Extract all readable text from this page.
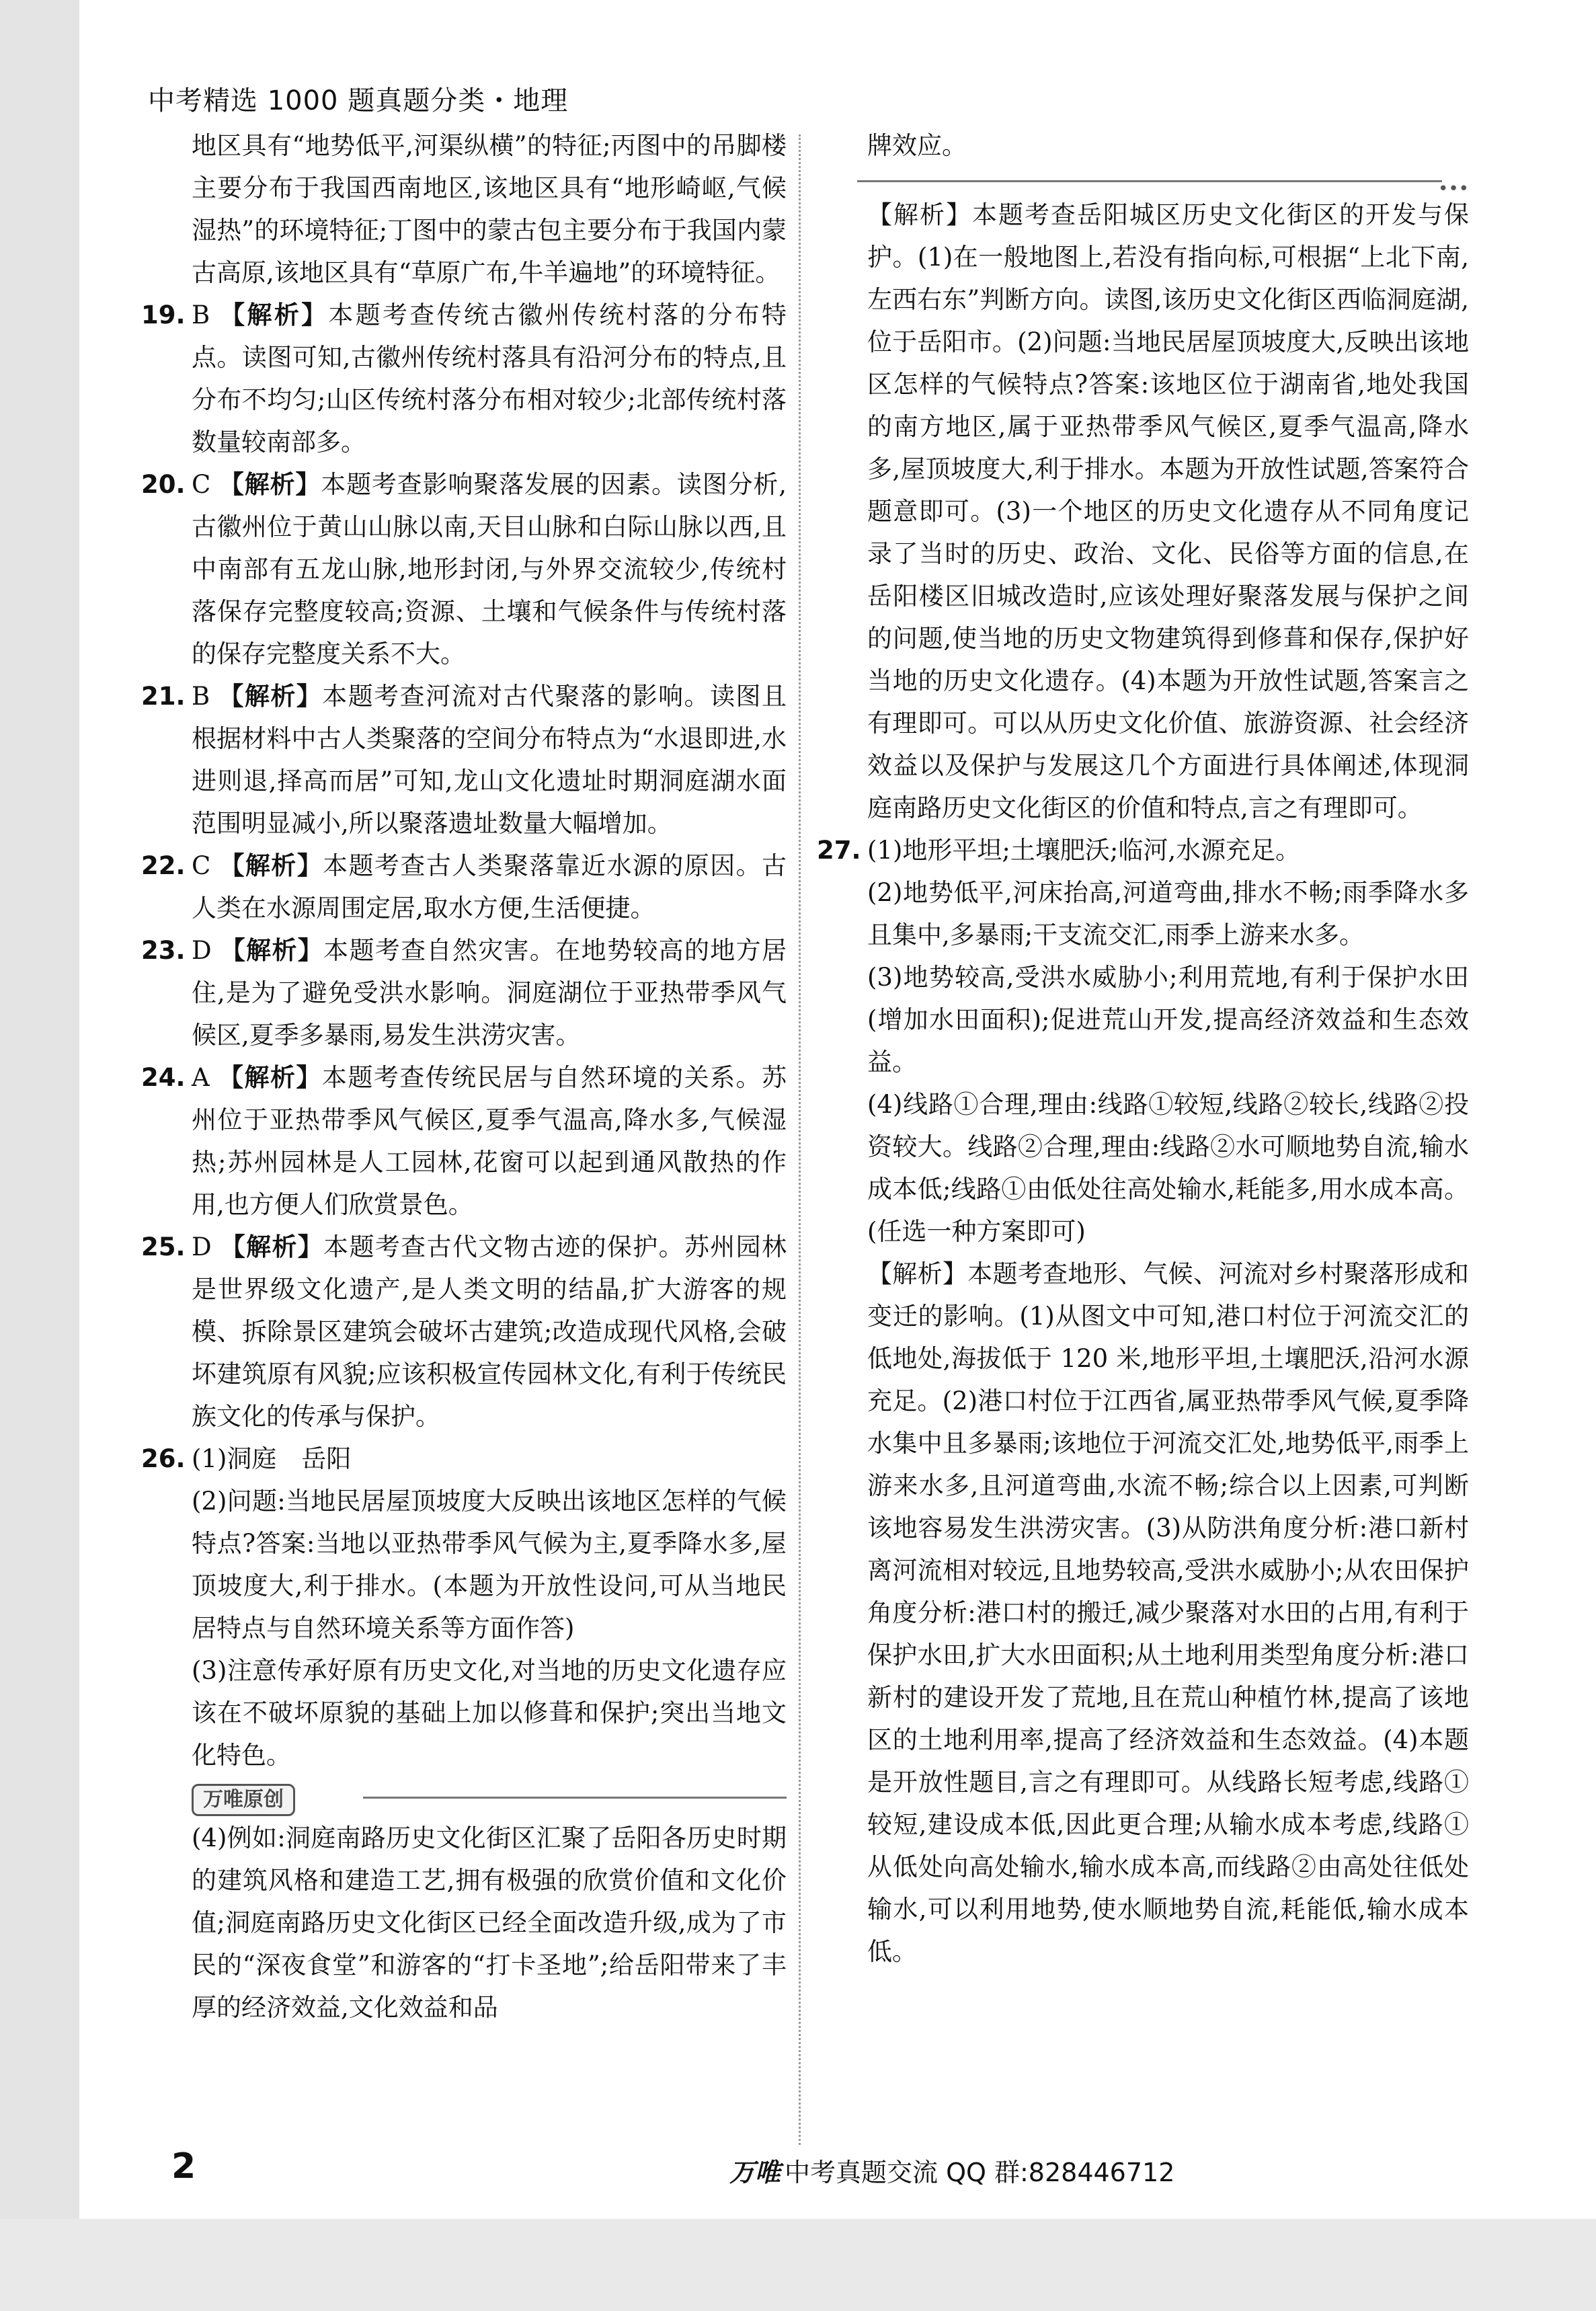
中考精选 1000 题真题分类・地理

地区具有“地势低平,河渠纵横”的特征;丙图中的吊脚楼主要分布于我国西南地区,该地区具有“地形崎岖,气候湿热”的环境特征;丁图中的蒙古包主要分布于我国内蒙古高原,该地区具有“草原广布,牛羊遍地”的环境特征。

19. B 【解析】本题考查传统古徽州传统村落的分布特点。读图可知,古徽州传统村落具有沿河分布的特点,且分布不均匀;山区传统村落分布相对较少;北部传统村落数量较南部多。

20. C 【解析】本题考查影响聚落发展的因素。读图分析,古徽州位于黄山山脉以南,天目山脉和白际山脉以西,且中南部有五龙山脉,地形封闭,与外界交流较少,传统村落保存完整度较高;资源、土壤和气候条件与传统村落的保存完整度关系不大。

21. B 【解析】本题考查河流对古代聚落的影响。读图且根据材料中古人类聚落的空间分布特点为“水退即进,水进则退,择高而居”可知,龙山文化遗址时期洞庭湖水面范围明显减小,所以聚落遗址数量大幅增加。

22. C 【解析】本题考查古人类聚落靠近水源的原因。古人类在水源周围定居,取水方便,生活便捷。

23. D 【解析】本题考查自然灾害。在地势较高的地方居住,是为了避免受洪水影响。洞庭湖位于亚热带季风气候区,夏季多暴雨,易发生洪涝灾害。

24. A 【解析】本题考查传统民居与自然环境的关系。苏州位于亚热带季风气候区,夏季气温高,降水多,气候湿热;苏州园林是人工园林,花窗可以起到通风散热的作用,也方便人们欣赏景色。

25. D 【解析】本题考查古代文物古迹的保护。苏州园林是世界级文化遗产,是人类文明的结晶,扩大游客的规模、拆除景区建筑会破坏古建筑;改造成现代风格,会破坏建筑原有风貌;应该积极宣传园林文化,有利于传统民族文化的传承与保护。

26. (1)洞庭　岳阳

(2)问题:当地民居屋顶坡度大反映出该地区怎样的气候特点?答案:当地以亚热带季风气候为主,夏季降水多,屋顶坡度大,利于排水。(本题为开放性设问,可从当地民居特点与自然环境关系等方面作答)

(3)注意传承好原有历史文化,对当地的历史文化遗存应该在不破坏原貌的基础上加以修葺和保护;突出当地文化特色。

万唯原创

(4)例如:洞庭南路历史文化街区汇聚了岳阳各历史时期的建筑风格和建造工艺,拥有极强的欣赏价值和文化价值;洞庭南路历史文化街区已经全面改造升级,成为了市民的“深夜食堂”和游客的“打卡圣地”;给岳阳带来了丰厚的经济效益,文化效益和品

牌效应。

•••

【解析】本题考查岳阳城区历史文化街区的开发与保护。(1)在一般地图上,若没有指向标,可根据“上北下南,左西右东”判断方向。读图,该历史文化街区西临洞庭湖,位于岳阳市。(2)问题:当地民居屋顶坡度大,反映出该地区怎样的气候特点?答案:该地区位于湖南省,地处我国的南方地区,属于亚热带季风气候区,夏季气温高,降水多,屋顶坡度大,利于排水。本题为开放性试题,答案符合题意即可。(3)一个地区的历史文化遗存从不同角度记录了当时的历史、政治、文化、民俗等方面的信息,在岳阳楼区旧城改造时,应该处理好聚落发展与保护之间的问题,使当地的历史文物建筑得到修葺和保存,保护好当地的历史文化遗存。(4)本题为开放性试题,答案言之有理即可。可以从历史文化价值、旅游资源、社会经济效益以及保护与发展这几个方面进行具体阐述,体现洞庭南路历史文化街区的价值和特点,言之有理即可。

27. (1)地形平坦;土壤肥沃;临河,水源充足。

(2)地势低平,河床抬高,河道弯曲,排水不畅;雨季降水多且集中,多暴雨;干支流交汇,雨季上游来水多。

(3)地势较高,受洪水威胁小;利用荒地,有利于保护水田(增加水田面积);促进荒山开发,提高经济效益和生态效益。

(4)线路①合理,理由:线路①较短,线路②较长,线路②投资较大。线路②合理,理由:线路②水可顺地势自流,输水成本低;线路①由低处往高处输水,耗能多,用水成本高。(任选一种方案即可)

【解析】本题考查地形、气候、河流对乡村聚落形成和变迁的影响。(1)从图文中可知,港口村位于河流交汇的低地处,海拔低于 120 米,地形平坦,土壤肥沃,沿河水源充足。(2)港口村位于江西省,属亚热带季风气候,夏季降水集中且多暴雨;该地位于河流交汇处,地势低平,雨季上游来水多,且河道弯曲,水流不畅;综合以上因素,可判断该地容易发生洪涝灾害。(3)从防洪角度分析:港口新村离河流相对较远,且地势较高,受洪水威胁小;从农田保护角度分析:港口村的搬迁,减少聚落对水田的占用,有利于保护水田,扩大水田面积;从土地利用类型角度分析:港口新村的建设开发了荒地,且在荒山种植竹林,提高了该地区的土地利用率,提高了经济效益和生态效益。(4)本题是开放性题目,言之有理即可。从线路长短考虑,线路①较短,建设成本低,因此更合理;从输水成本考虑,线路①从低处向高处输水,输水成本高,而线路②由高处往低处输水,可以利用地势,使水顺地势自流,耗能低,输水成本低。

2	万唯 中考真题交流 QQ 群:828446712
